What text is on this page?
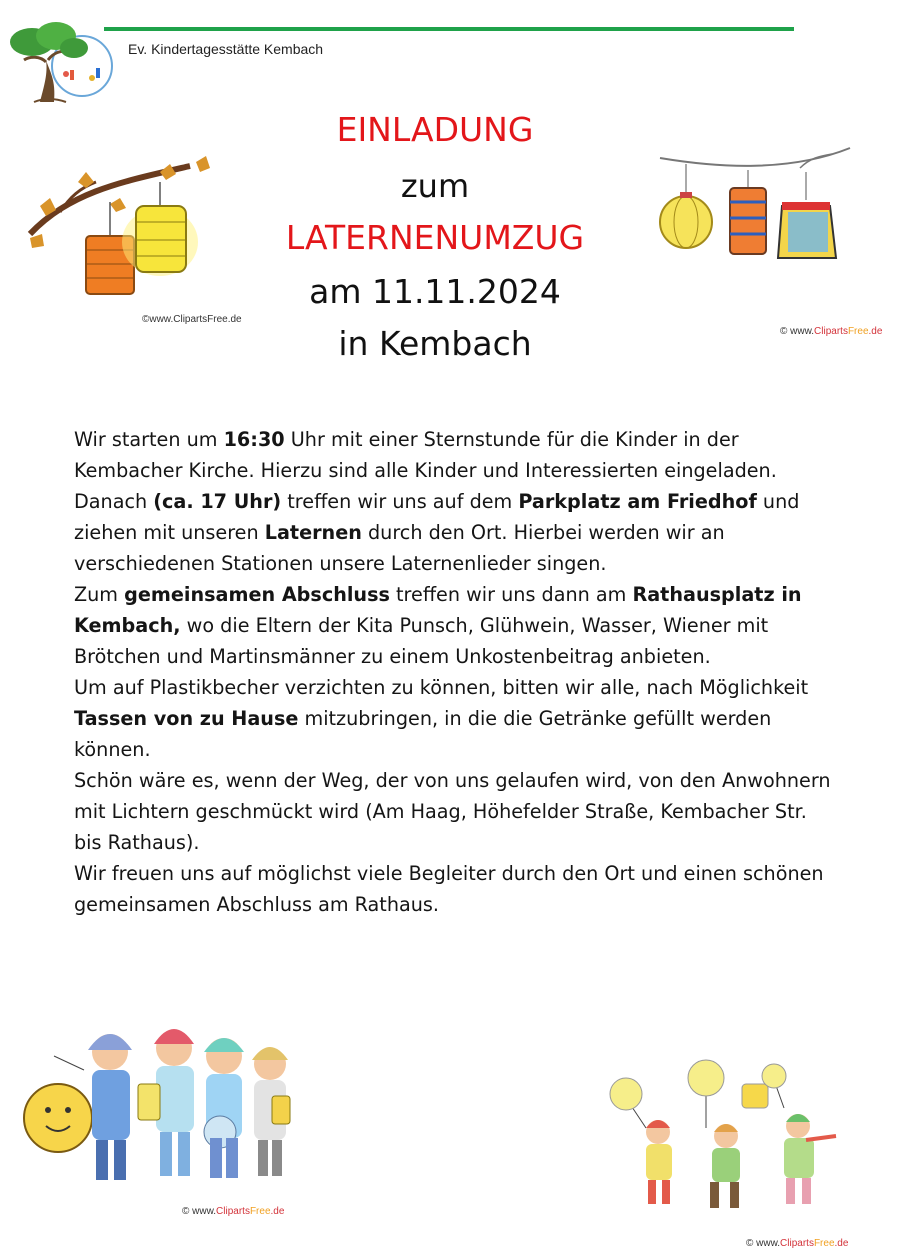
Ev. Kindertagesstätte Kembach
EINLADUNG
zum
LATERNENUMZUG
am 11.11.2024
in Kembach
©www.ClipartsFree.de
© www.ClipartsFree.de

Wir starten um 16:30 Uhr mit einer Sternstunde für die Kinder in der Kembacher Kirche. Hierzu sind alle Kinder und Interessierten eingeladen.

Danach (ca. 17 Uhr) treffen wir uns auf dem Parkplatz am Friedhof und ziehen mit unseren Laternen durch den Ort. Hierbei werden wir an verschiedenen Stationen unsere Laternenlieder singen.

Zum gemeinsamen Abschluss treffen wir uns dann am Rathausplatz in Kembach, wo die Eltern der Kita Punsch, Glühwein, Wasser, Wiener mit Brötchen und Martinsmänner zu einem Unkostenbeitrag anbieten.

Um auf Plastikbecher verzichten zu können, bitten wir alle, nach Möglichkeit Tassen von zu Hause mitzubringen, in die die Getränke gefüllt werden können.

Schön wäre es, wenn der Weg, der von uns gelaufen wird, von den Anwohnern mit Lichtern geschmückt wird (Am Haag, Höhefelder Straße, Kembacher Str. bis Rathaus).

Wir freuen uns auf möglichst viele Begleiter durch den Ort und einen schönen gemeinsamen Abschluss am Rathaus.

© www.ClipartsFree.de
© www.ClipartsFree.de
